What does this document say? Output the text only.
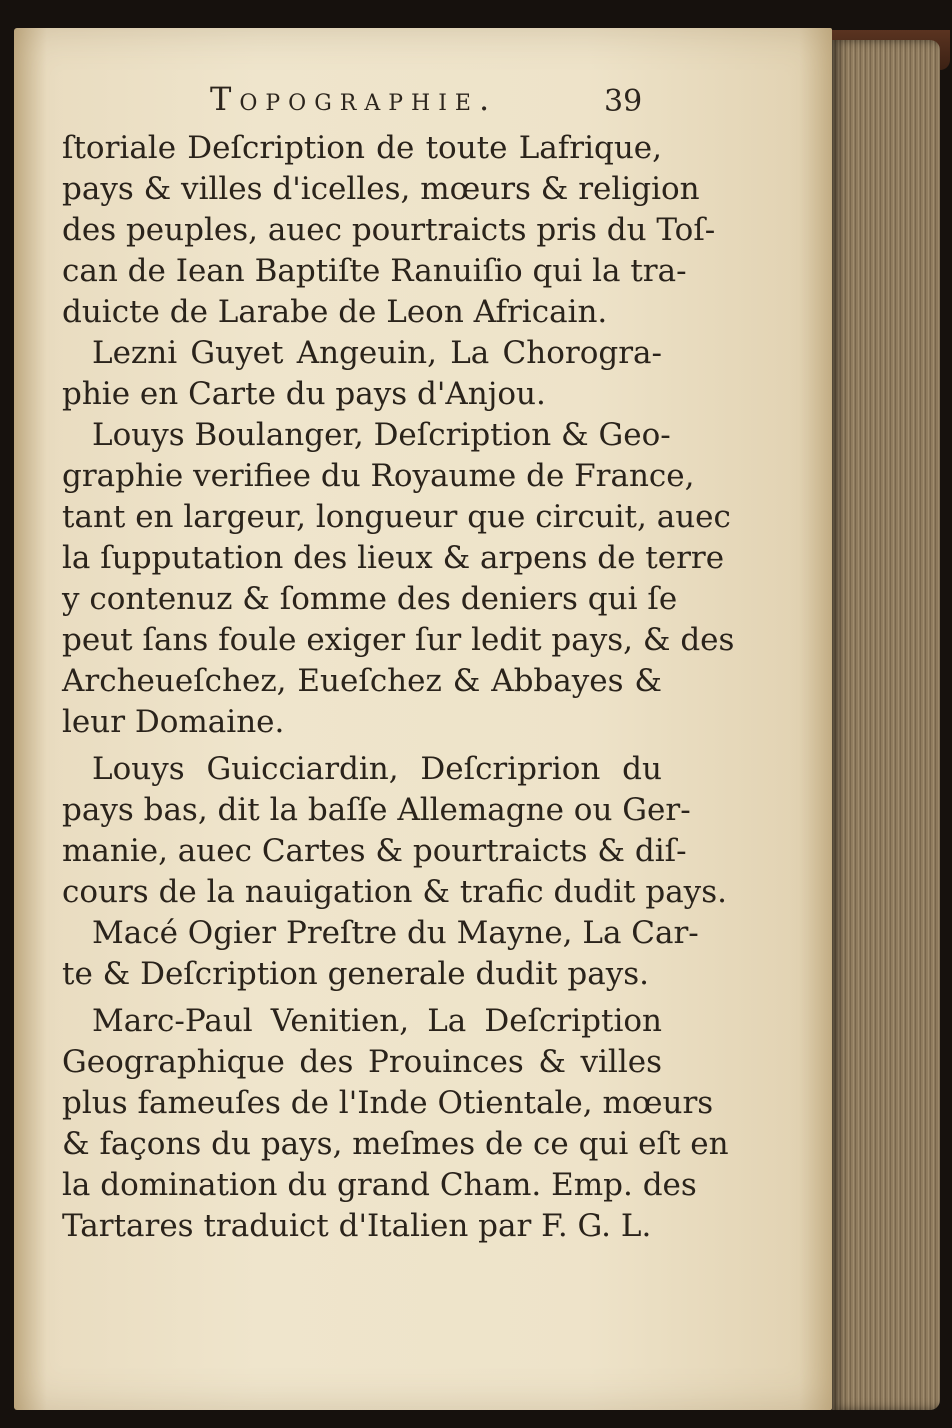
Topographie.	39
ſtoriale Deſcription de toute Lafrique,
pays & villes d'icelles, mœurs & religion
des peuples, auec pourtraicts pris du Toſ-
can de Iean Baptiſte Ranuiſio qui la tra-
duicte de Larabe de Leon Africain.
Lezni Guyet Angeuin, La Chorogra-
phie en Carte du pays d'Anjou.
Louys Boulanger, Deſcription & Geo-
graphie verifiee du Royaume de France,
tant en largeur, longueur que circuit, auec
la ſupputation des lieux & arpens de terre
y contenuz & ſomme des deniers qui ſe
peut ſans foule exiger ſur ledit pays, & des
Archeueſchez, Eueſchez & Abbayes &
leur Domaine.
Louys Guicciardin, Deſcriprion du
pays bas, dit la baſſe Allemagne ou Ger-
manie, auec Cartes & pourtraicts & diſ-
cours de la nauigation & trafic dudit pays.
Macé Ogier Preſtre du Mayne, La Car-
te & Deſcription generale dudit pays.
Marc-Paul Venitien, La Deſcription
Geographique des Prouinces & villes
plus fameuſes de l'Inde Otientale, mœurs
& façons du pays, meſmes de ce qui eſt en
la domination du grand Cham. Emp. des
Tartares traduict d'Italien par F. G. L.
